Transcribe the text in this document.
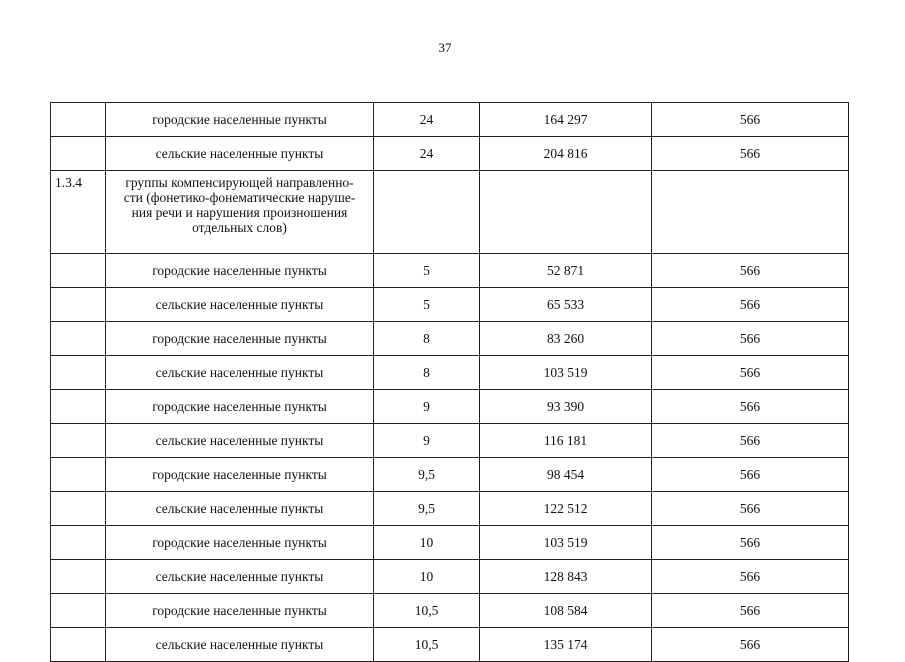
37
	городские населенные пункты	24	164 297	566
	сельские населенные пункты	24	204 816	566
1.3.4	группы компенсирующей направленно-
сти (фонетико-фонематические наруше-
ния речи и нарушения произношения
отдельных слов)			

	городские населенные пункты	5	52 871	566
	сельские населенные пункты	5	65 533	566
	городские населенные пункты	8	83 260	566
	сельские населенные пункты	8	103 519	566
	городские населенные пункты	9	93 390	566
	сельские населенные пункты	9	116 181	566
	городские населенные пункты	9,5	98 454	566
	сельские населенные пункты	9,5	122 512	566
	городские населенные пункты	10	103 519	566
	сельские населенные пункты	10	128 843	566
	городские населенные пункты	10,5	108 584	566
	сельские населенные пункты	10,5	135 174	566
